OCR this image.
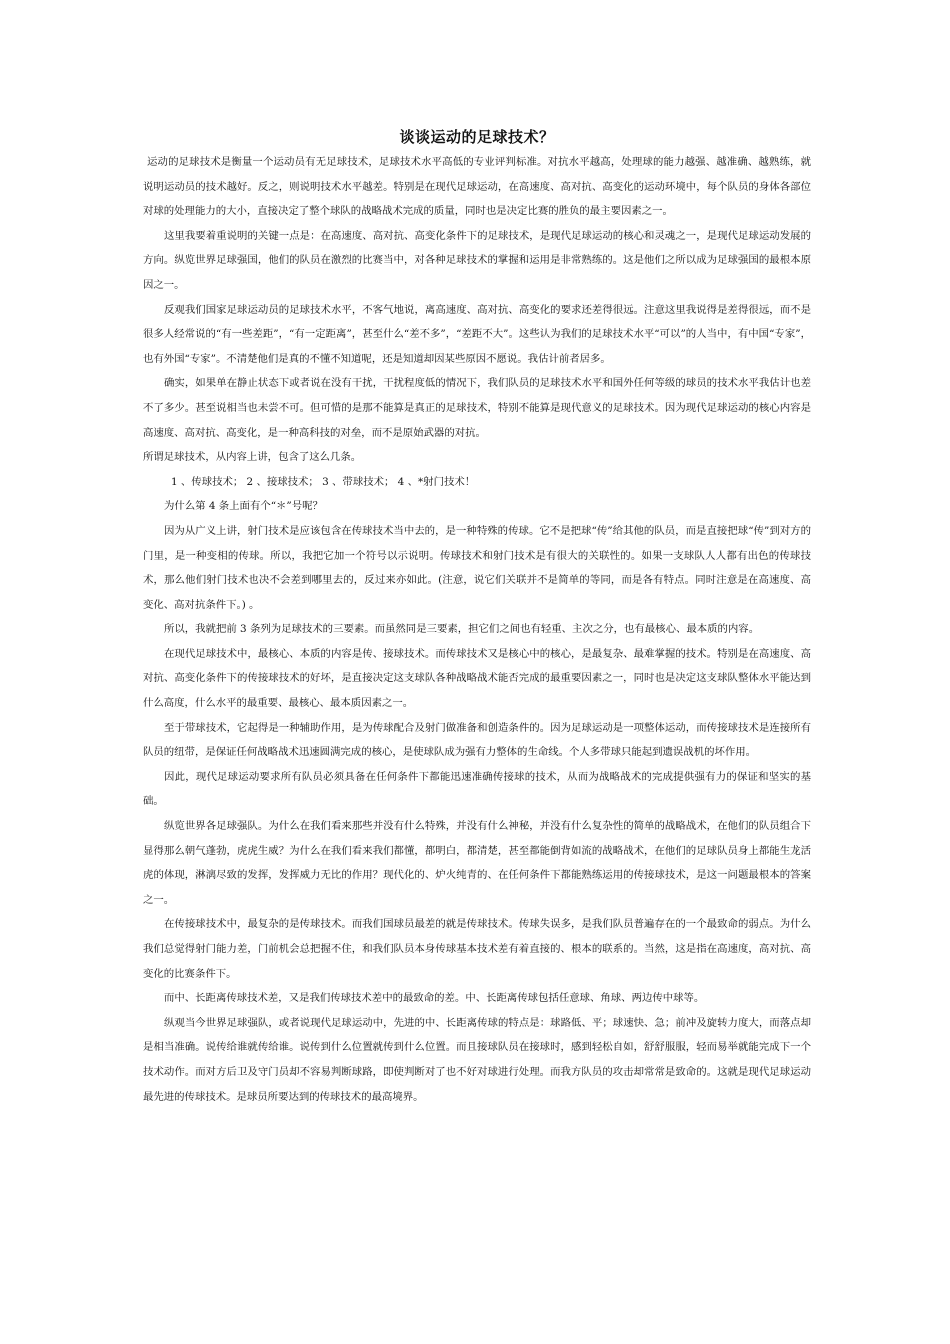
谈谈运动的足球技术？

运动的足球技术是衡量一个运动员有无足球技术，足球技术水平高低的专业评判标准。对抗水平越高，处理球的能力越强、越准确、越熟练，就说明运动员的技术越好。反之，则说明技术水平越差。特别是在现代足球运动，在高速度、高对抗、高变化的运动环境中，每个队员的身体各部位对球的处理能力的大小，直接决定了整个球队的战略战术完成的质量，同时也是决定比赛的胜负的最主要因素之一。

这里我要着重说明的关键一点是：在高速度、高对抗、高变化条件下的足球技术，是现代足球运动的核心和灵魂之一，是现代足球运动发展的方向。纵览世界足球强国，他们的队员在激烈的比赛当中，对各种足球技术的掌握和运用是非常熟练的。这是他们之所以成为足球强国的最根本原因之一。

反观我们国家足球运动员的足球技术水平，不客气地说，离高速度、高对抗、高变化的要求还差得很远。注意这里我说得是差得很远，而不是很多人经常说的“有一些差距”，“有一定距离”，甚至什么“差不多”，“差距不大”。这些认为我们的足球技术水平“可以”的人当中，有中国“专家”，也有外国“专家”。不清楚他们是真的不懂不知道呢，还是知道却因某些原因不愿说。我估计前者居多。

确实，如果单在静止状态下或者说在没有干扰，干扰程度低的情况下，我们队员的足球技术水平和国外任何等级的球员的技术水平我估计也差不了多少。甚至说相当也未尝不可。但可惜的是那不能算是真正的足球技术，特别不能算是现代意义的足球技术。因为现代足球运动的核心内容是高速度、高对抗、高变化，是一种高科技的对垒，而不是原始武器的对抗。

所谓足球技术，从内容上讲，包含了这么几条。

1 、传球技术； 2 、接球技术； 3 、带球技术； 4 、*射门技术！

为什么第 4 条上面有个“＊”号呢？

因为从广义上讲，射门技术是应该包含在传球技术当中去的，是一种特殊的传球。它不是把球“传”给其他的队员，而是直接把球“传”到对方的门里，是一种变相的传球。所以，我把它加一个符号以示说明。传球技术和射门技术是有很大的关联性的。如果一支球队人人都有出色的传球技术，那么他们射门技术也决不会差到哪里去的，反过来亦如此。(注意，说它们关联并不是简单的等同，而是各有特点。同时注意是在高速度、高变化、高对抗条件下。) 。

所以，我就把前 3 条列为足球技术的三要素。而虽然同是三要素，担它们之间也有轻重、主次之分，也有最核心、最本质的内容。

在现代足球技术中，最核心、本质的内容是传、接球技术。而传球技术又是核心中的核心，是最复杂、最难掌握的技术。特别是在高速度、高对抗、高变化条件下的传接球技术的好坏，是直接决定这支球队各种战略战术能否完成的最重要因素之一，同时也是决定这支球队整体水平能达到什么高度，什么水平的最重要、最核心、最本质因素之一。

至于带球技术，它起得是一种辅助作用，是为传球配合及射门做准备和创造条件的。因为足球运动是一项整体运动，而传接球技术是连接所有队员的纽带，是保证任何战略战术迅速圆满完成的核心，是使球队成为强有力整体的生命线。个人多带球只能起到遗误战机的坏作用。

因此，现代足球运动要求所有队员必须具备在任何条件下都能迅速准确传接球的技术，从而为战略战术的完成提供强有力的保证和坚实的基础。

纵览世界各足球强队。为什么在我们看来那些并没有什么特殊，并没有什么神秘，并没有什么复杂性的简单的战略战术，在他们的队员组合下显得那么朝气蓬勃，虎虎生威？为什么在我们看来我们都懂，都明白，都清楚，甚至都能倒背如流的战略战术，在他们的足球队员身上都能生龙活虎的体现，淋漓尽致的发挥，发挥威力无比的作用？现代化的、炉火纯青的、在任何条件下都能熟练运用的传接球技术，是这一问题最根本的答案之一。

在传接球技术中，最复杂的是传球技术。而我们国球员最差的就是传球技术。传球失误多，是我们队员普遍存在的一个最致命的弱点。为什么我们总觉得射门能力差，门前机会总把握不住，和我们队员本身传球基本技术差有着直接的、根本的联系的。当然，这是指在高速度，高对抗、高变化的比赛条件下。

而中、长距离传球技术差，又是我们传球技术差中的最致命的差。中、长距离传球包括任意球、角球、两边传中球等。

纵观当今世界足球强队，或者说现代足球运动中，先进的中、长距离传球的特点是：球路低、平；球速快、急；前冲及旋转力度大，而落点却是相当准确。说传给谁就传给谁。说传到什么位置就传到什么位置。而且接球队员在接球时，感到轻松自如，舒舒服服，轻而易举就能完成下一个技术动作。而对方后卫及守门员却不容易判断球路，即使判断对了也不好对球进行处理。而我方队员的攻击却常常是致命的。这就是现代足球运动最先进的传球技术。是球员所要达到的传球技术的最高境界。
